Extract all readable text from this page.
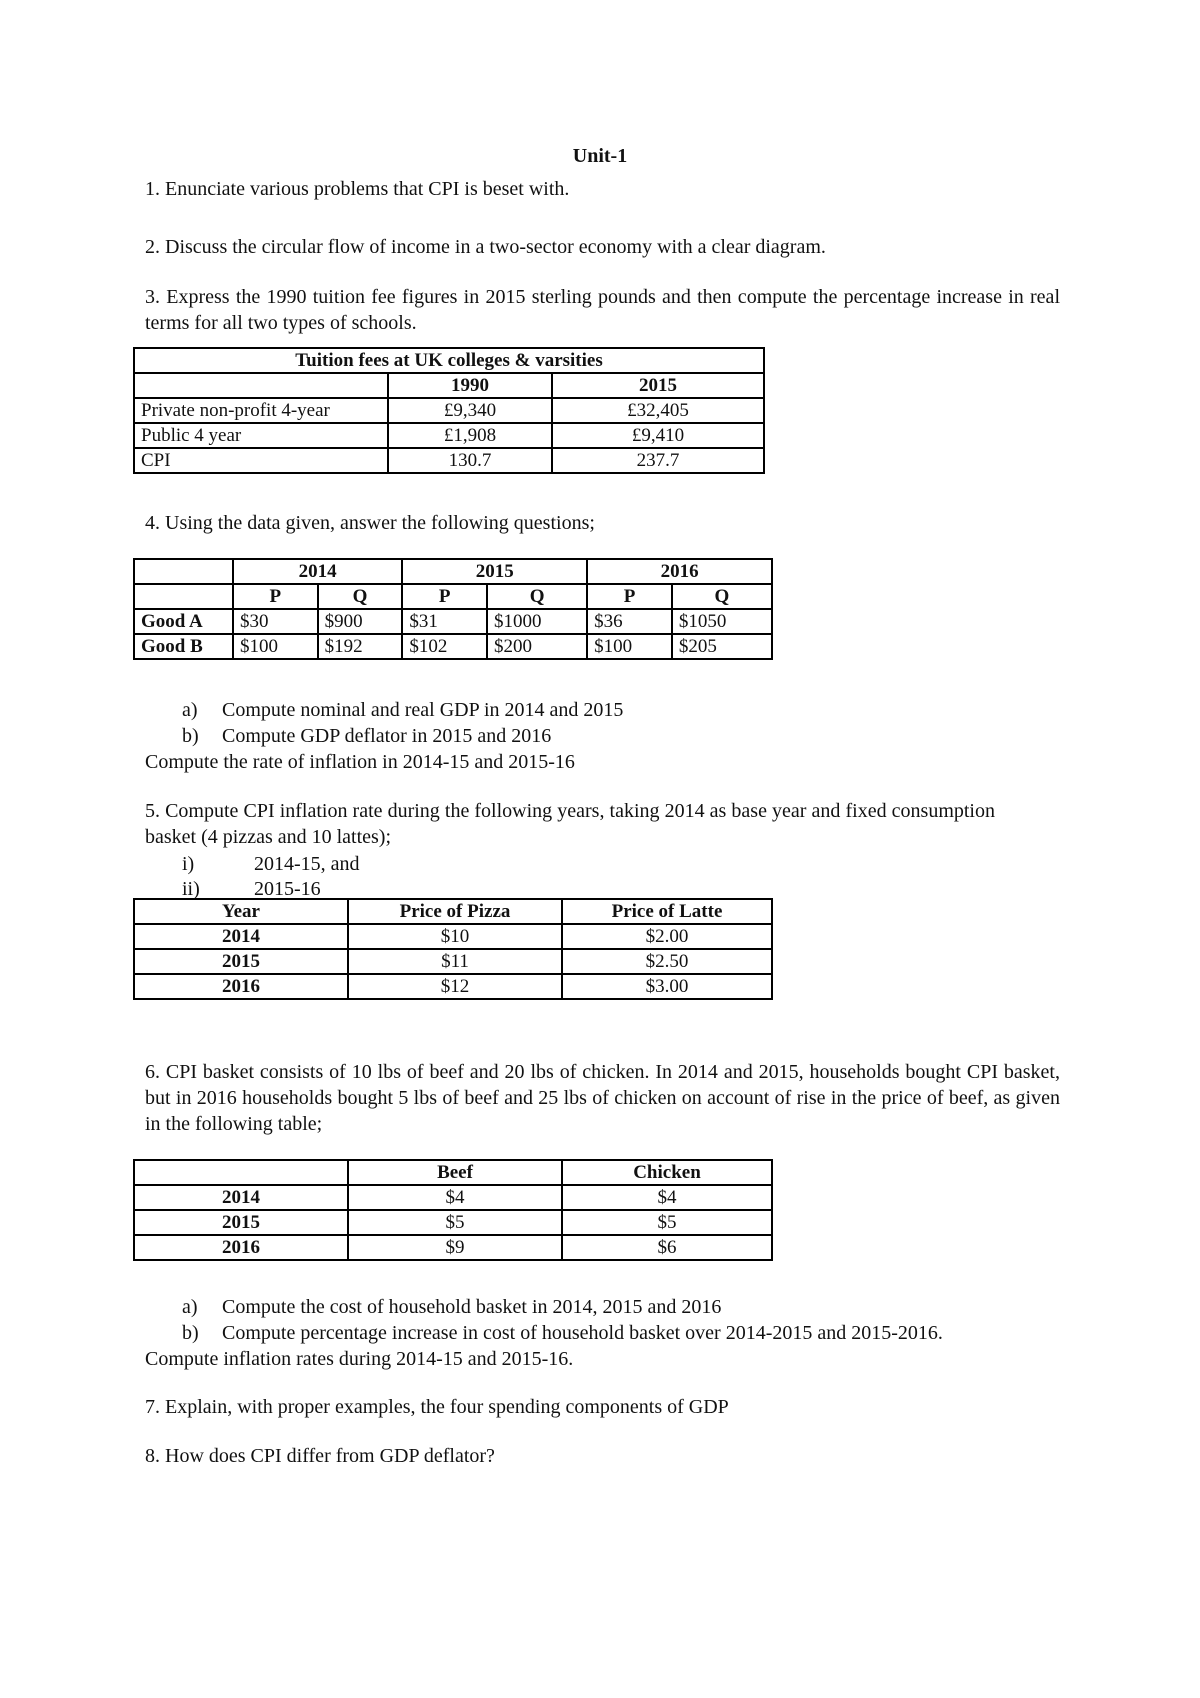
Unit-1
1. Enunciate various problems that CPI is beset with.
2. Discuss the circular flow of income in a two-sector economy with a clear diagram.
3. Express the 1990 tuition fee figures in 2015 sterling pounds and then compute the percentage increase in real terms for all two types of schools.
Tuition fees at UK colleges & varsities		
	1990	2015
Private non-profit 4-year	£9,340	£32,405
Public 4 year	£1,908	£9,410
CPI	130.7	237.7
4. Using the data given, answer the following questions;
	2014		2015		2016	
	P	Q	P	Q	P	Q
Good A	$30	$900	$31	$1000	$36	$1050
Good B	$100	$192	$102	$200	$100	$205
a) Compute nominal and real GDP in 2014 and 2015
b) Compute GDP deflator in 2015 and 2016
Compute the rate of inflation in 2014-15 and 2015-16
5. Compute CPI inflation rate during the following years, taking 2014 as base year and fixed consumption basket (4 pizzas and 10 lattes);
i)	2014-15, and
ii)	2015-16
Year	Price of Pizza	Price of Latte
2014	$10	$2.00
2015	$11	$2.50
2016	$12	$3.00
6. CPI basket consists of 10 lbs of beef and 20 lbs of chicken. In 2014 and 2015, households bought CPI basket, but in 2016 households bought 5 lbs of beef and 25 lbs of chicken on account of rise in the price of beef, as given in the following table;
	Beef	Chicken
2014	$4	$4
2015	$5	$5
2016	$9	$6
a) Compute the cost of household basket in 2014, 2015 and 2016
b) Compute percentage increase in cost of household basket over 2014-2015 and 2015-2016.
Compute inflation rates during 2014-15 and 2015-16.
7. Explain, with proper examples, the four spending components of GDP
8. How does CPI differ from GDP deflator?
